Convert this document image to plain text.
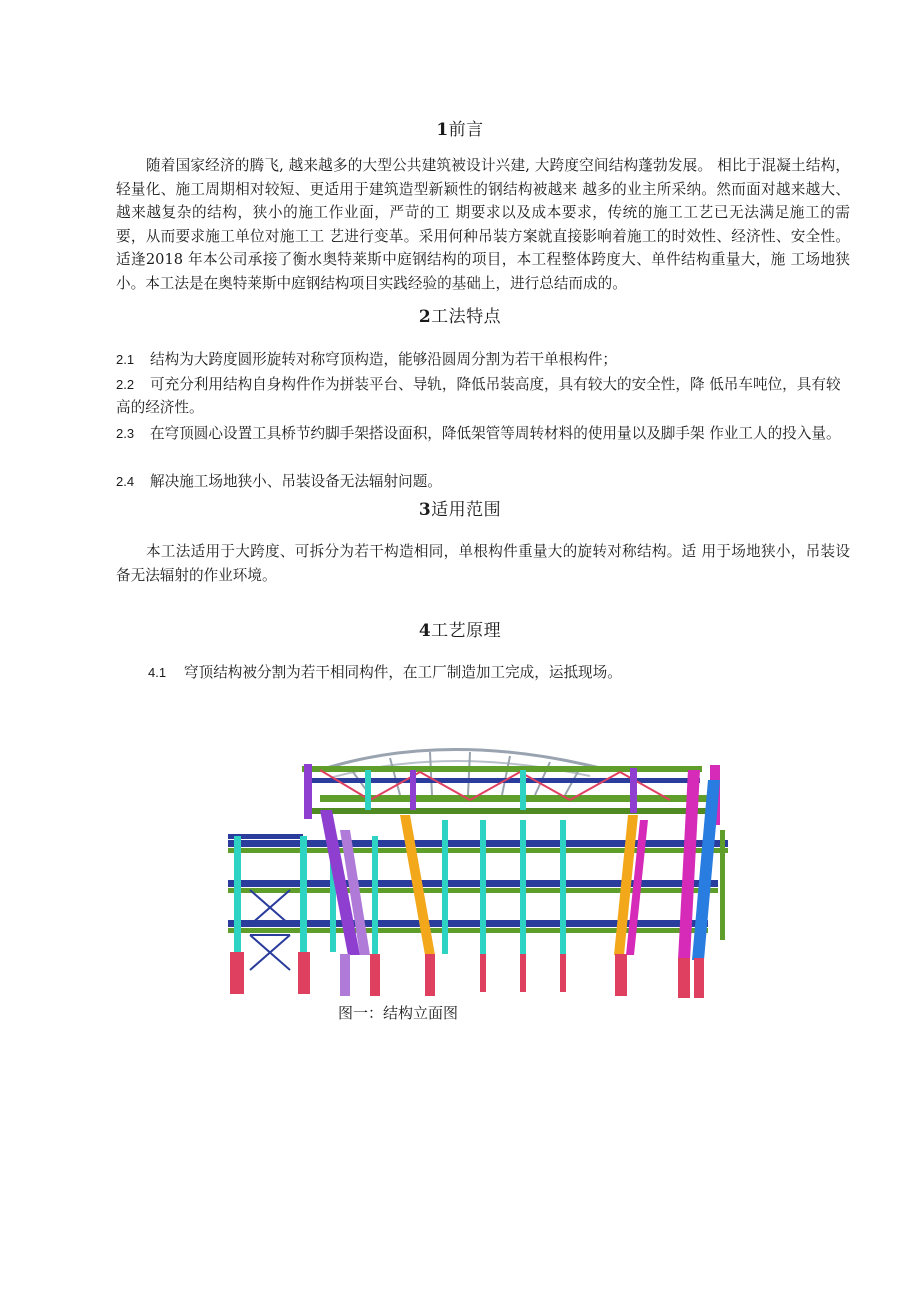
1前言

随着国家经济的腾飞, 越来越多的大型公共建筑被设计兴建, 大跨度空间结构蓬勃发展。 相比于混凝土结构，轻量化、施工周期相对较短、更适用于建筑造型新颖性的钢结构被越来 越多的业主所采纳。然而面对越来越大、越来越复杂的结构，狭小的施工作业面，严苛的工 期要求以及成本要求，传统的施工工艺已无法满足施工的需要，从而要求施工单位对施工工 艺进行变革。采用何种吊装方案就直接影响着施工的时效性、经济性、安全性。适逢2018 年本公司承接了衡水奥特莱斯中庭钢结构的项目，本工程整体跨度大、单件结构重量大，施 工场地狭小。本工法是在奥特莱斯中庭钢结构项目实践经验的基础上，进行总结而成的。

2工法特点
2.1 结构为大跨度圆形旋转对称穹顶构造，能够沿圆周分割为若干单根构件；
2.2 可充分利用结构自身构件作为拼装平台、导轨，降低吊装高度，具有较大的安全性，降 低吊车吨位，具有较高的经济性。
2.3 在穹顶圆心设置工具桥节约脚手架搭设面积，降低架管等周转材料的使用量以及脚手架 作业工人的投入量。
2.4 解决施工场地狭小、吊装设备无法辐射问题。
3适用范围

本工法适用于大跨度、可拆分为若干构造相同，单根构件重量大的旋转对称结构。适 用于场地狭小，吊装设备无法辐射的作业环境。

4工艺原理
4.1 穹顶结构被分割为若干相同构件，在工厂制造加工完成，运抵现场。
图一：结构立面图
